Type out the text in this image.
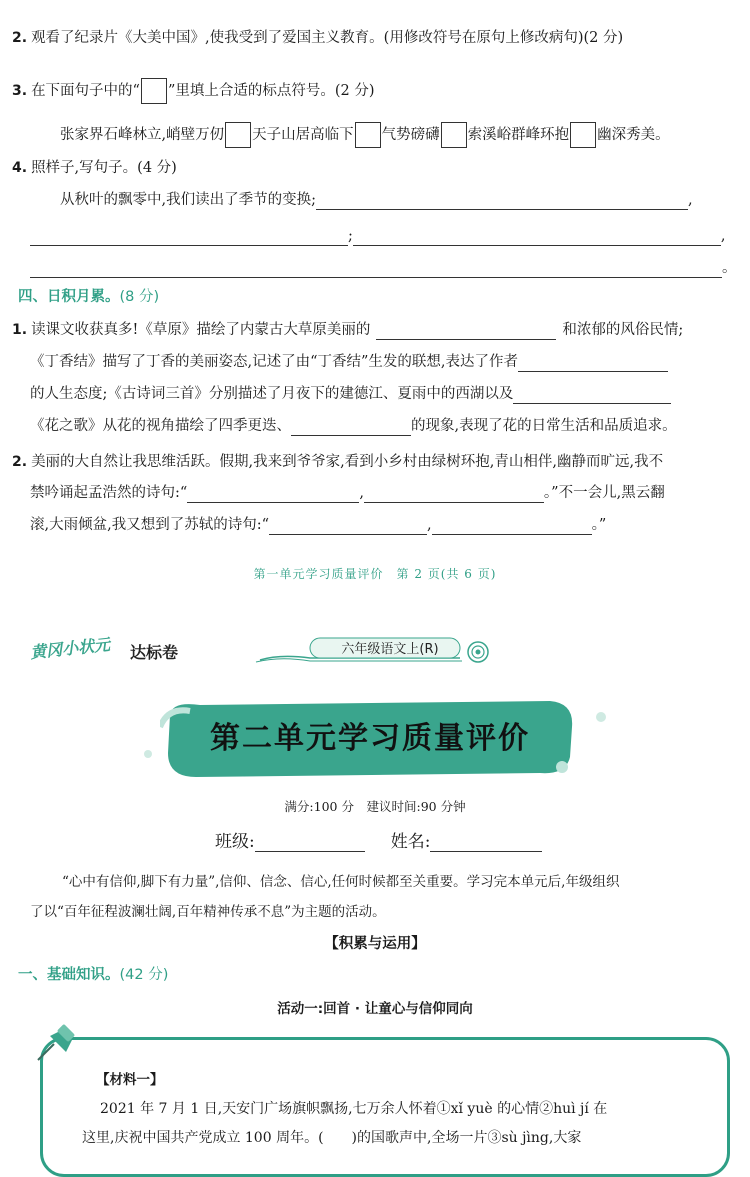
2. 观看了纪录片《大美中国》,使我受到了爱国主义教育。(用修改符号在原句上修改病句)(2 分)
3. 在下面句子中的“ ”里填上合适的标点符号。(2 分)
张家界石峰林立,峭壁万仞 天子山居高临下 气势磅礴 索溪峪群峰环抱 幽深秀美。
4. 照样子,写句子。(4 分)
从秋叶的飘零中,我们读出了季节的变换;	,
;	,
。
四、日积月累。(8 分)
1. 读课文收获真多!《草原》描绘了内蒙古大草原美丽的	和浓郁的风俗民情;
《丁香结》描写了丁香的美丽姿态,记述了由“丁香结”生发的联想,表达了作者
的人生态度;《古诗词三首》分别描述了月夜下的建德江、夏雨中的西湖以及
《花之歌》从花的视角描绘了四季更迭、	的现象,表现了花的日常生活和品质追求。
2. 美丽的大自然让我思维活跃。假期,我来到爷爷家,看到小乡村由绿树环抱,青山相伴,幽静而旷远,我不
禁吟诵起孟浩然的诗句:“	,	。”不一会儿,黑云翻
滚,大雨倾盆,我又想到了苏轼的诗句:“	,	。”
第一单元学习质量评价　第 2 页(共 6 页)
黄冈小状元 达标卷	六年级语文上(R)
第二单元学习质量评价
满分:100 分　 建议时间:90 分钟
班级:	姓名:
“心中有信仰,脚下有力量”,信仰、信念、信心,任何时候都至关重要。学习完本单元后,年级组织
了以“百年征程波澜壮阔,百年精神传承不息”为主题的活动。
【积累与运用】
一、基础知识。(42 分)
活动一:回首 · 让童心与信仰同向
【材料一】
2021 年 7 月 1 日,天安门广场旗帜飘扬,七万余人怀着①xǐ yuè 的心情②huì jí 在
这里,庆祝中国共产党成立 100 周年。(　　)的国歌声中,全场一片③sù jìng,大家
